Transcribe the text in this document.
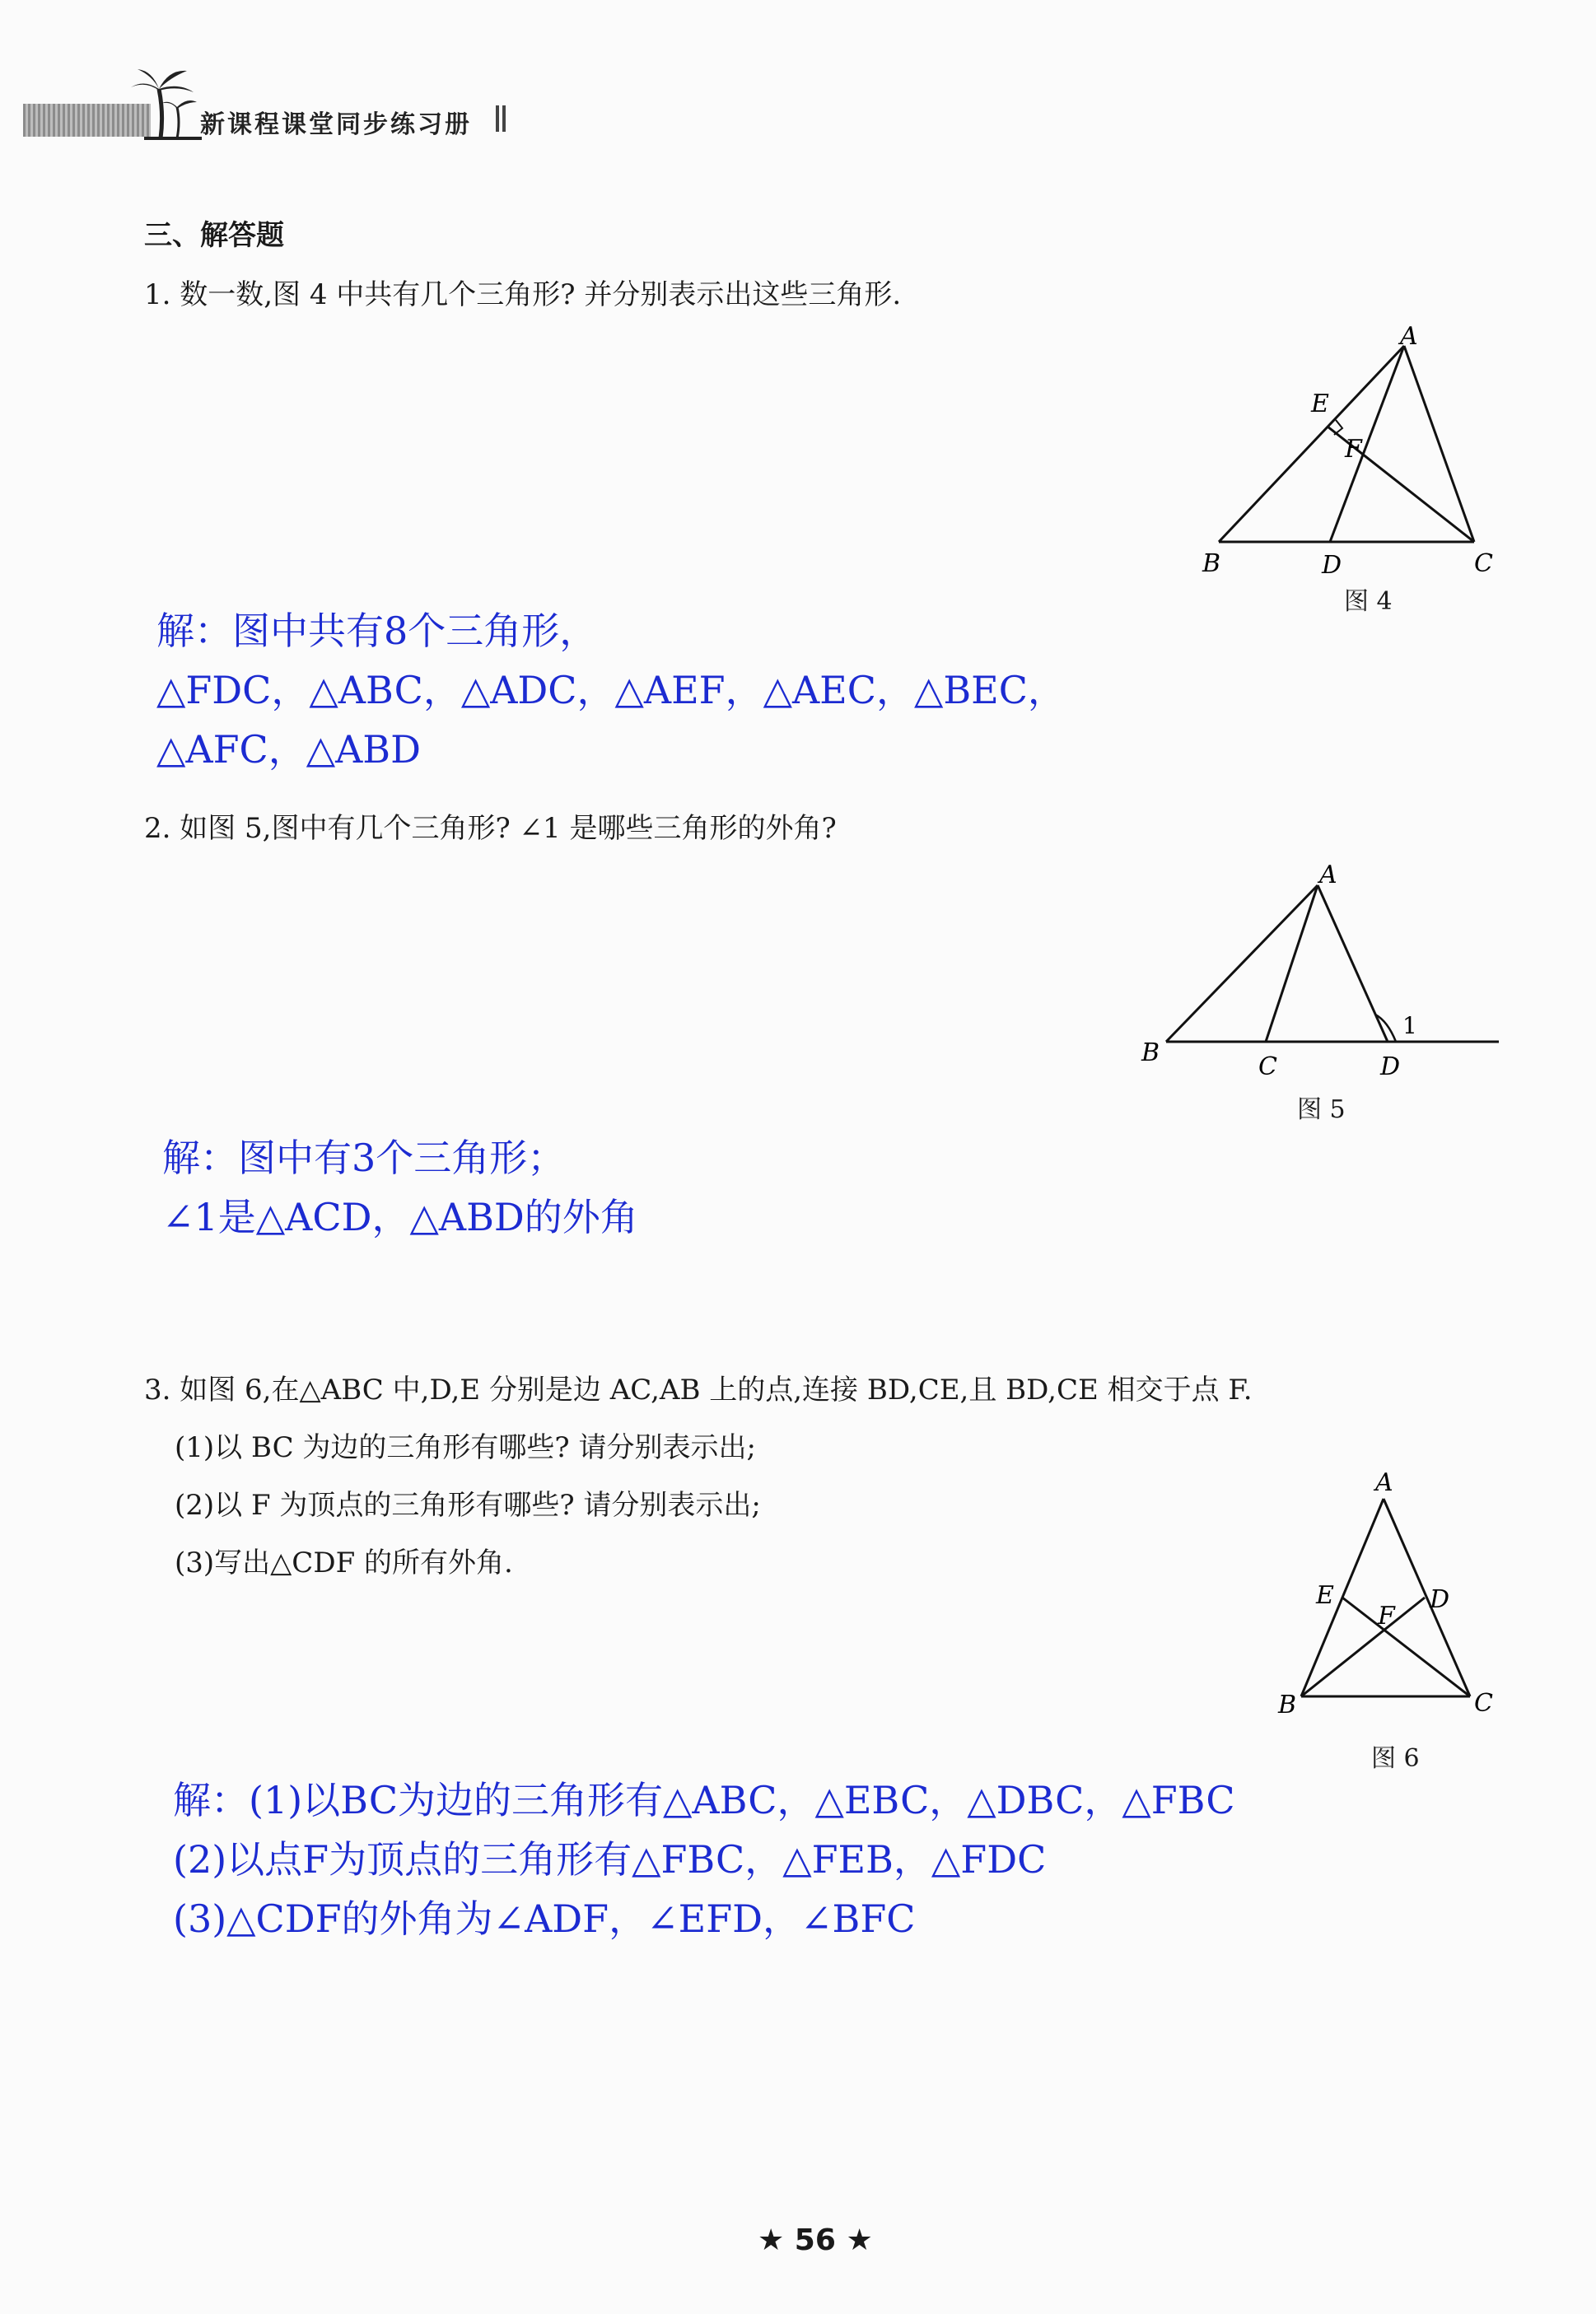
新课程课堂同步练习册
三、解答题
1. 数一数,图 4 中共有几个三角形? 并分别表示出这些三角形.
A
E
F
B	D	C
图 4
解：图中共有8个三角形，
△FDC，△ABC，△ADC，△AEF，△AEC，△BEC，
△AFC，△ABD
2. 如图 5,图中有几个三角形? ∠1 是哪些三角形的外角?
A
B	C	D
1
图 5
解：图中有3个三角形；
∠1是△ACD，△ABD的外角
3. 如图 6,在△ABC 中,D,E 分别是边 AC,AB 上的点,连接 BD,CE,且 BD,CE 相交于点 F.
(1)以 BC 为边的三角形有哪些? 请分别表示出;
(2)以 F 为顶点的三角形有哪些? 请分别表示出;
(3)写出△CDF 的所有外角.
A
E	D
F
B	C
图 6
解：(1)以BC为边的三角形有△ABC，△EBC，△DBC，△FBC
(2)以点F为顶点的三角形有△FBC，△FEB，△FDC
(3)△CDF的外角为∠ADF，∠EFD，∠BFC
★ 56 ★
